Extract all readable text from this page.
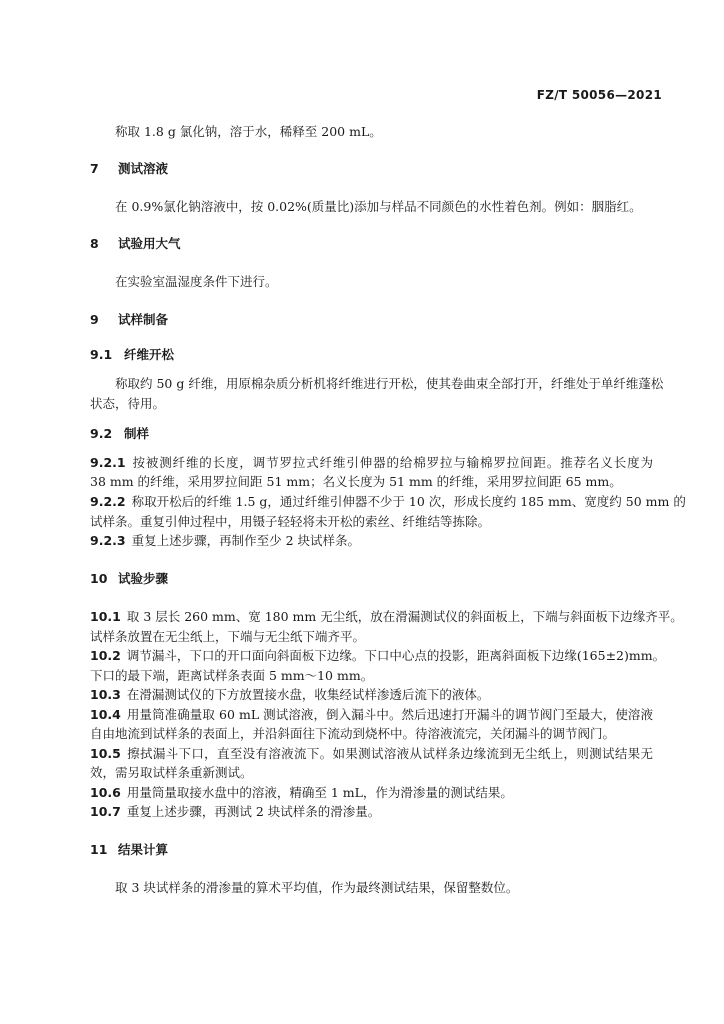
FZ/T 50056—2021
称取 1.8 g 氯化钠，溶于水，稀释至 200 mL。
7 测试溶液
在 0.9%氯化钠溶液中，按 0.02%(质量比)添加与样品不同颜色的水性着色剂。例如：胭脂红。
8 试验用大气
在实验室温湿度条件下进行。
9 试样制备
9.1 纤维开松
称取约 50 g 纤维，用原棉杂质分析机将纤维进行开松，使其卷曲束全部打开，纤维处于单纤维蓬松
状态，待用。
9.2 制样
9.2.1 按被测纤维的长度，调节罗拉式纤维引伸器的给棉罗拉与输棉罗拉间距。推荐名义长度为
38 mm 的纤维，采用罗拉间距 51 mm；名义长度为 51 mm 的纤维，采用罗拉间距 65 mm。
9.2.2 称取开松后的纤维 1.5 g，通过纤维引伸器不少于 10 次，形成长度约 185 mm、宽度约 50 mm 的
试样条。重复引伸过程中，用镊子轻轻将未开松的索丝、纤维结等拣除。
9.2.3 重复上述步骤，再制作至少 2 块试样条。
10 试验步骤
10.1 取 3 层长 260 mm、宽 180 mm 无尘纸，放在滑漏测试仪的斜面板上，下端与斜面板下边缘齐平。
试样条放置在无尘纸上，下端与无尘纸下端齐平。
10.2 调节漏斗，下口的开口面向斜面板下边缘。下口中心点的投影，距离斜面板下边缘(165±2)mm。
下口的最下端，距离试样条表面 5 mm～10 mm。
10.3 在滑漏测试仪的下方放置接水盘，收集经试样渗透后流下的液体。
10.4 用量筒准确量取 60 mL 测试溶液，倒入漏斗中。然后迅速打开漏斗的调节阀门至最大，使溶液
自由地流到试样条的表面上，并沿斜面往下流动到烧杯中。待溶液流完，关闭漏斗的调节阀门。
10.5 擦拭漏斗下口，直至没有溶液流下。如果测试溶液从试样条边缘流到无尘纸上，则测试结果无
效，需另取试样条重新测试。
10.6 用量筒量取接水盘中的溶液，精确至 1 mL，作为滑渗量的测试结果。
10.7 重复上述步骤，再测试 2 块试样条的滑渗量。
11 结果计算
取 3 块试样条的滑渗量的算术平均值，作为最终测试结果，保留整数位。
